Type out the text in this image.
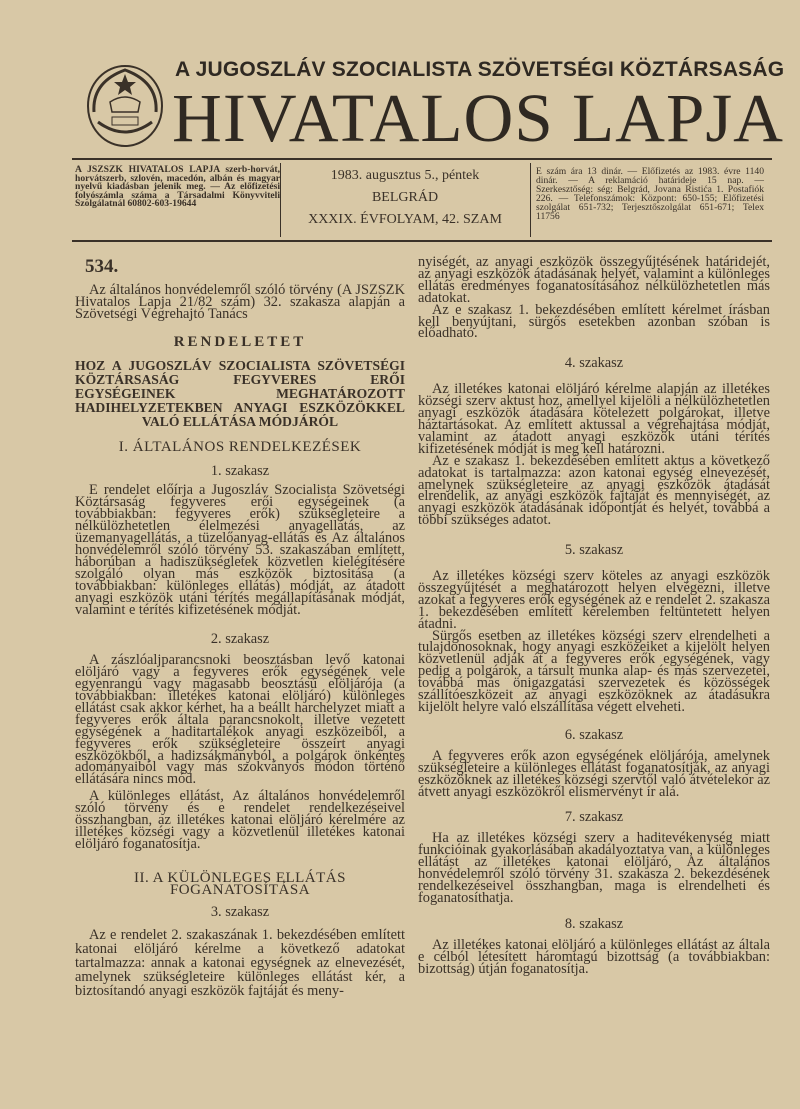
A JUGOSZLÁV SZOCIALISTA SZÖVETSÉGI KÖZTÁRSASÁG
HIVATALOS LAPJA
A JSZSZK HIVATALOS LAPJA szerb-horvát, horvátszerb, szlovén, macedón, albán és magyar nyelvű kiadásban jelenik meg. — Az előfizetési folyószámla száma a Társadalmi Könyvviteli Szolgálatnál 60802-603-19644
1983. augusztus 5., péntek
BELGRÁD
XXXIX. ÉVFOLYAM, 42. SZAM
E szám ára 13 dinár. — Előfizetés az 1983. évre 1140 dinár. — A reklamáció határideje 15 nap. — Szerkesztőség: ség: Belgrád, Jovana Ristića 1. Postafiók 226. — Telefonszámok: Központ: 650-155; Előfizetési szolgálat 651-732; Terjesztőszolgálat 651-671; Telex 11756
534.

Az általános honvédelemről szóló törvény (A JSZSZK Hivatalos Lapja 21/82 szám) 32. szakasza alapján a Szövetségi Végrehajtó Tanács

RENDELETET

HOZ A JUGOSZLÁV SZOCIALISTA SZÖVETSÉGI KÖZTÁRSASÁG FEGYVERES ERŐI EGYSÉGEINEK MEGHATÁROZOTT HADIHELYZETEKBEN ANYAGI ESZKÖZÖKKEL VALÓ ELLÁTÁSA MÓDJÁRÓL

I. ÁLTALÁNOS RENDELKEZÉSEK

1. szakasz

E rendelet előírja a Jugoszláv Szocialista Szövetségi Köztársaság fegyveres erői egységeinek (a továbbiakban: fegyveres erők) szükségleteire a nélkülözhetetlen élelmezési anyagellátás, az üzemanyagellátás, a tüzelőanyag-ellátás és Az általános honvédelemről szóló törvény 53. szakaszában említett, háborúban a hadiszükségletek közvetlen kielégítésére szolgáló olyan más eszközök biztositása (a továbbiakban: különleges ellátás) módját, az átadott anyagi eszközök utáni térítés megállapításának módját, valamint e térítés kifizetésének módját.

2. szakasz

A zászlóaljparancsnoki beosztásban levő katonai elöljáró vagy a fegyveres erők egységének vele egyenrangú vagy magasabb beosztású elöljárója (a továbbiakban: illetékes katonai elöljáró) különleges ellátást csak akkor kérhet, ha a beállt harchelyzet miatt a fegyveres erők általa parancsnokolt, illetve vezetett egységének a haditartalékok anyagi eszközeiből, a fegyveres erők szükségleteire összeírt anyagi eszközökből, a hadizsákmányból, a polgárok önkéntes adományaiból vagy más szokványos módon történő ellátására nincs mód.

A különleges ellátást, Az általános honvédelemről szóló törvény és e rendelet rendelkezéseivel összhangban, az illetékes katonai elöljáró kérelmére az illetékes községi vagy a közvetlenül illetékes katonai elöljáró foganatosítja.

II. A KÜLÖNLEGES ELLÁTÁS FOGANATOSÍTÁSA

3. szakasz

Az e rendelet 2. szakaszának 1. bekezdésében említett katonai elöljáró kérelme a következő adatokat tartalmazza: annak a katonai egységnek az elnevezését, amelynek szükségleteire különleges ellátást kér, a biztosítandó anyagi eszközök fajtáját és meny-

nyiségét, az anyagi eszközök összegyűjtésének határidejét, az anyagi eszközök átadásának helyét, valamint a különleges ellátás eredményes foganatosításához nélkülözhetetlen más adatokat.

Az e szakasz 1. bekezdésében említett kérelmet írásban kell benyújtani, sürgős esetekben azonban szóban is előadható.

4. szakasz

Az illetékes katonai elöljáró kérelme alapján az illetékes községi szerv aktust hoz, amellyel kijelöli a nélkülözhetetlen anyagi eszközök átadására kötelezett polgárokat, illetve háztartásokat. Az említett aktussal a végrehajtása módját, valamint az átadott anyagi eszközök utáni térítés kifizetésének módját is meg kell határozni.

Az e szakasz 1. bekezdésében említett aktus a következő adatokat is tartalmazza: azon katonai egység elnevezését, amelynek szükségleteire az anyagi eszközök átadását elrendelik, az anyagi eszközök fajtáját és mennyiségét, az anyagi eszközök átadásának időpontját és helyét, továbbá a többi szükséges adatot.

5. szakasz

Az illetékes községi szerv köteles az anyagi eszközök összegyűjtését a meghatározott helyen elvégezni, illetve azokat a fegyveres erők egységének az e rendelet 2. szakasza 1. bekezdésében említett kérelemben feltüntetett helyen átadni.

Sürgős esetben az illetékes községi szerv elrendelheti a tulajdonosoknak, hogy anyagi eszközeiket a kijelölt helyen közvetlenül adják át a fegyveres erők egységének, vagy pedig a polgárok, a társult munka alap- és más szervezetei, továbbá más önigazgatási szervezetek és közösségek szállítóeszközeit az anyagi eszközöknek az átadásukra kijelölt helyre való elszállítása végett elveheti.

6. szakasz

A fegyveres erők azon egységének elöljárója, amelynek szükségleteire a különleges ellátást foganatosítják, az anyagi eszközöknek az illetékes községi szervtől való átvételekor az átvett anyagi eszközökről elismervényt ír alá.

7. szakasz

Ha az illetékes községi szerv a haditevékenység miatt funkcióinak gyakorlásában akadályoztatva van, a különleges ellátást az illetékes katonai elöljáró, Az általános honvédelemről szóló törvény 31. szakasza 2. bekezdésének rendelkezéseivel összhangban, maga is elrendelheti és foganatosíthatja.

8. szakasz

Az illetékes katonai elöljáró a különleges ellátást az általa e célból létesített háromtagú bizottság (a továbbiakban: bizottság) útján foganatosítja.
